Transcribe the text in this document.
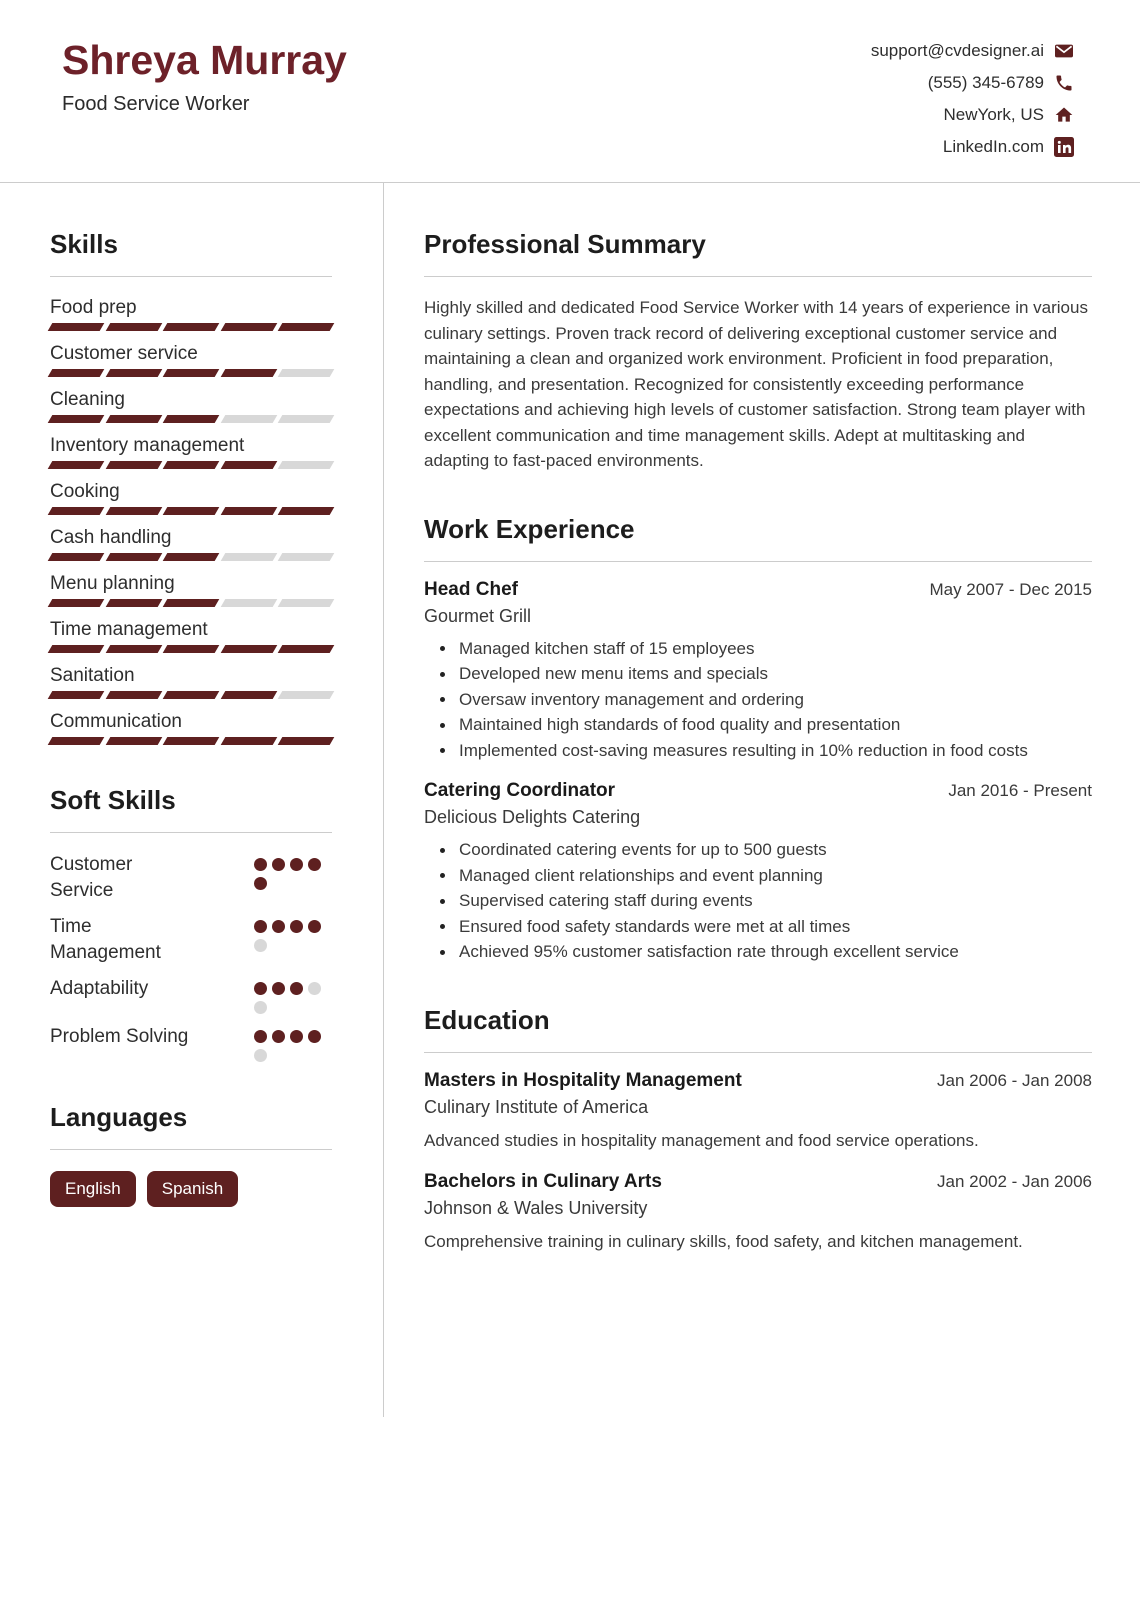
Shreya Murray
Food Service Worker
support@cvdesigner.ai
(555) 345-6789
NewYork, US
LinkedIn.com
Skills
Food prep
Customer service
Cleaning
Inventory management
Cooking
Cash handling
Menu planning
Time management
Sanitation
Communication
Soft Skills
Customer Service
Time Management
Adaptability
Problem Solving
Languages
English	Spanish
Professional Summary

Highly skilled and dedicated Food Service Worker with 14 years of experience in various culinary settings. Proven track record of delivering exceptional customer service and maintaining a clean and organized work environment. Proficient in food preparation, handling, and presentation. Recognized for consistently exceeding performance expectations and achieving high levels of customer satisfaction. Strong team player with excellent communication and time management skills. Adept at multitasking and adapting to fast-paced environments.

Work Experience
Head Chef	May 2007 - Dec 2015
Gourmet Grill
Managed kitchen staff of 15 employees
Developed new menu items and specials
Oversaw inventory management and ordering
Maintained high standards of food quality and presentation
Implemented cost-saving measures resulting in 10% reduction in food costs
Catering Coordinator	Jan 2016 - Present
Delicious Delights Catering
Coordinated catering events for up to 500 guests
Managed client relationships and event planning
Supervised catering staff during events
Ensured food safety standards were met at all times
Achieved 95% customer satisfaction rate through excellent service
Education
Masters in Hospitality Management	Jan 2006 - Jan 2008
Culinary Institute of America
Advanced studies in hospitality management and food service operations.
Bachelors in Culinary Arts	Jan 2002 - Jan 2006
Johnson & Wales University
Comprehensive training in culinary skills, food safety, and kitchen management.
